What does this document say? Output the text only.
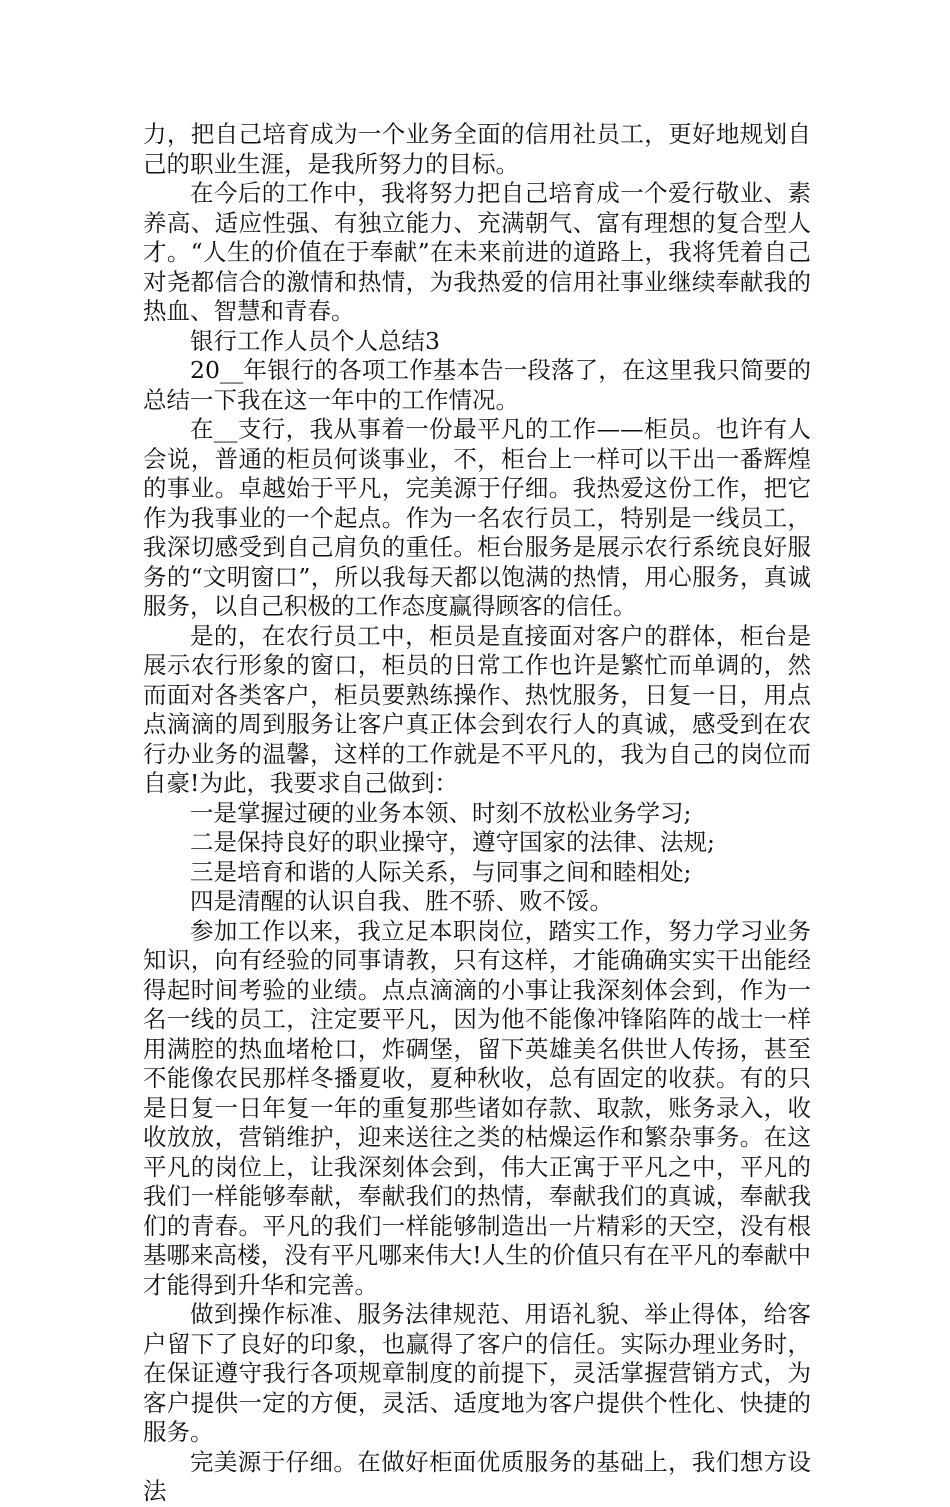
力，把自己培育成为一个业务全面的信用社员工，更好地规划自己的职业生涯，是我所努力的目标。

在今后的工作中，我将努力把自己培育成一个爱行敬业、素养高、适应性强、有独立能力、充满朝气、富有理想的复合型人才。“人生的价值在于奉献”在未来前进的道路上，我将凭着自己对尧都信合的激情和热情，为我热爱的信用社事业继续奉献我的热血、智慧和青春。

银行工作人员个人总结3

20__年银行的各项工作基本告一段落了，在这里我只简要的总结一下我在这一年中的工作情况。

在__支行，我从事着一份最平凡的工作——柜员。也许有人会说，普通的柜员何谈事业，不，柜台上一样可以干出一番辉煌的事业。卓越始于平凡，完美源于仔细。我热爱这份工作，把它作为我事业的一个起点。作为一名农行员工，特别是一线员工，我深切感受到自己肩负的重任。柜台服务是展示农行系统良好服务的“文明窗口”，所以我每天都以饱满的热情，用心服务，真诚服务，以自己积极的工作态度赢得顾客的信任。

是的，在农行员工中，柜员是直接面对客户的群体，柜台是展示农行形象的窗口，柜员的日常工作也许是繁忙而单调的，然而面对各类客户，柜员要熟练操作、热忱服务，日复一日，用点点滴滴的周到服务让客户真正体会到农行人的真诚，感受到在农行办业务的温馨，这样的工作就是不平凡的，我为自己的岗位而自豪!为此，我要求自己做到：

一是掌握过硬的业务本领、时刻不放松业务学习;

二是保持良好的职业操守，遵守国家的法律、法规;

三是培育和谐的人际关系，与同事之间和睦相处;

四是清醒的认识自我、胜不骄、败不馁。

参加工作以来，我立足本职岗位，踏实工作，努力学习业务知识，向有经验的同事请教，只有这样，才能确确实实干出能经得起时间考验的业绩。点点滴滴的小事让我深刻体会到，作为一名一线的员工，注定要平凡，因为他不能像冲锋陷阵的战士一样用满腔的热血堵枪口，炸碉堡，留下英雄美名供世人传扬，甚至不能像农民那样冬播夏收，夏种秋收，总有固定的收获。有的只是日复一日年复一年的重复那些诸如存款、取款，账务录入，收收放放，营销维护，迎来送往之类的枯燥运作和繁杂事务。在这平凡的岗位上，让我深刻体会到，伟大正寓于平凡之中，平凡的我们一样能够奉献，奉献我们的热情，奉献我们的真诚，奉献我们的青春。平凡的我们一样能够制造出一片精彩的天空，没有根基哪来高楼，没有平凡哪来伟大!人生的价值只有在平凡的奉献中才能得到升华和完善。

做到操作标准、服务法律规范、用语礼貌、举止得体，给客户留下了良好的印象，也赢得了客户的信任。实际办理业务时，在保证遵守我行各项规章制度的前提下，灵活掌握营销方式，为客户提供一定的方便，灵活、适度地为客户提供个性化、快捷的服务。

完美源于仔细。在做好柜面优质服务的基础上，我们想方设法
